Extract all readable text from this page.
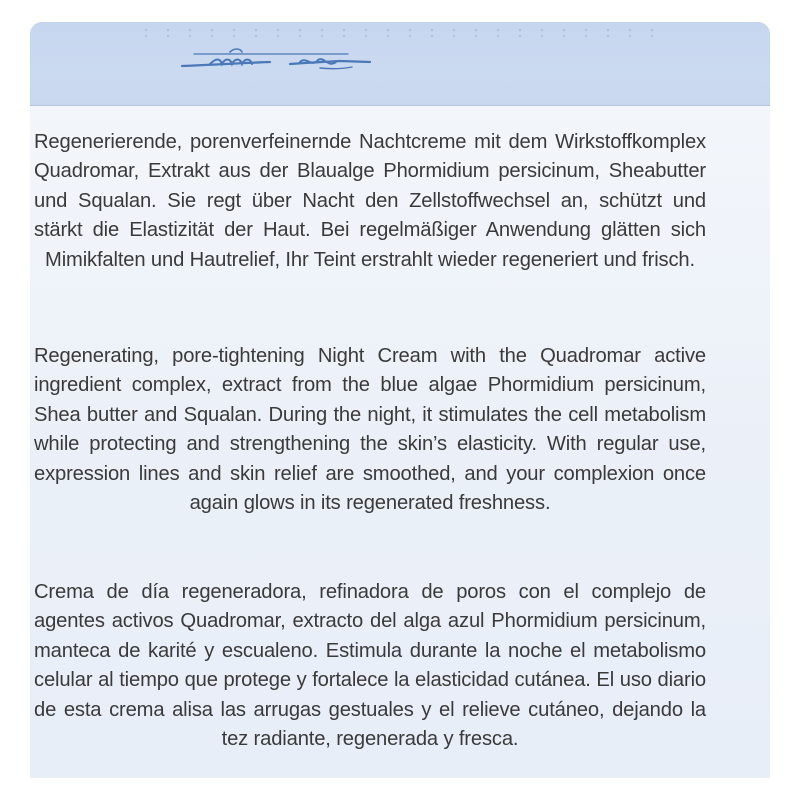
Regenerierende, porenverfeinernde Nachtcreme mit dem Wirkstoffkomplex Quadromar, Extrakt aus der Blaualge Phormidium persicinum, Sheabutter und Squalan. Sie regt über Nacht den Zellstoffwechsel an, schützt und stärkt die Elastizität der Haut. Bei regelmäßiger Anwendung glätten sich Mimikfalten und Hautrelief, Ihr Teint erstrahlt wieder regeneriert und frisch.

Regenerating, pore-tightening Night Cream with the Quadromar active ingredient complex, extract from the blue algae Phormidium persicinum, Shea butter and Squalan. During the night, it stimulates the cell metabolism while protecting and strengthening the skin’s elasticity. With regular use, expression lines and skin relief are smoothed, and your complexion once again glows in its regenerated freshness.

Crema de día regeneradora, refinadora de poros con el complejo de agentes activos Quadromar, extracto del alga azul Phormidium persicinum, manteca de karité y escualeno. Estimula durante la noche el metabolismo celular al tiempo que protege y fortalece la elasticidad cutánea. El uso diario de esta crema alisa las arrugas gestuales y el relieve cutáneo, dejando la tez radiante, regenerada y fresca.
